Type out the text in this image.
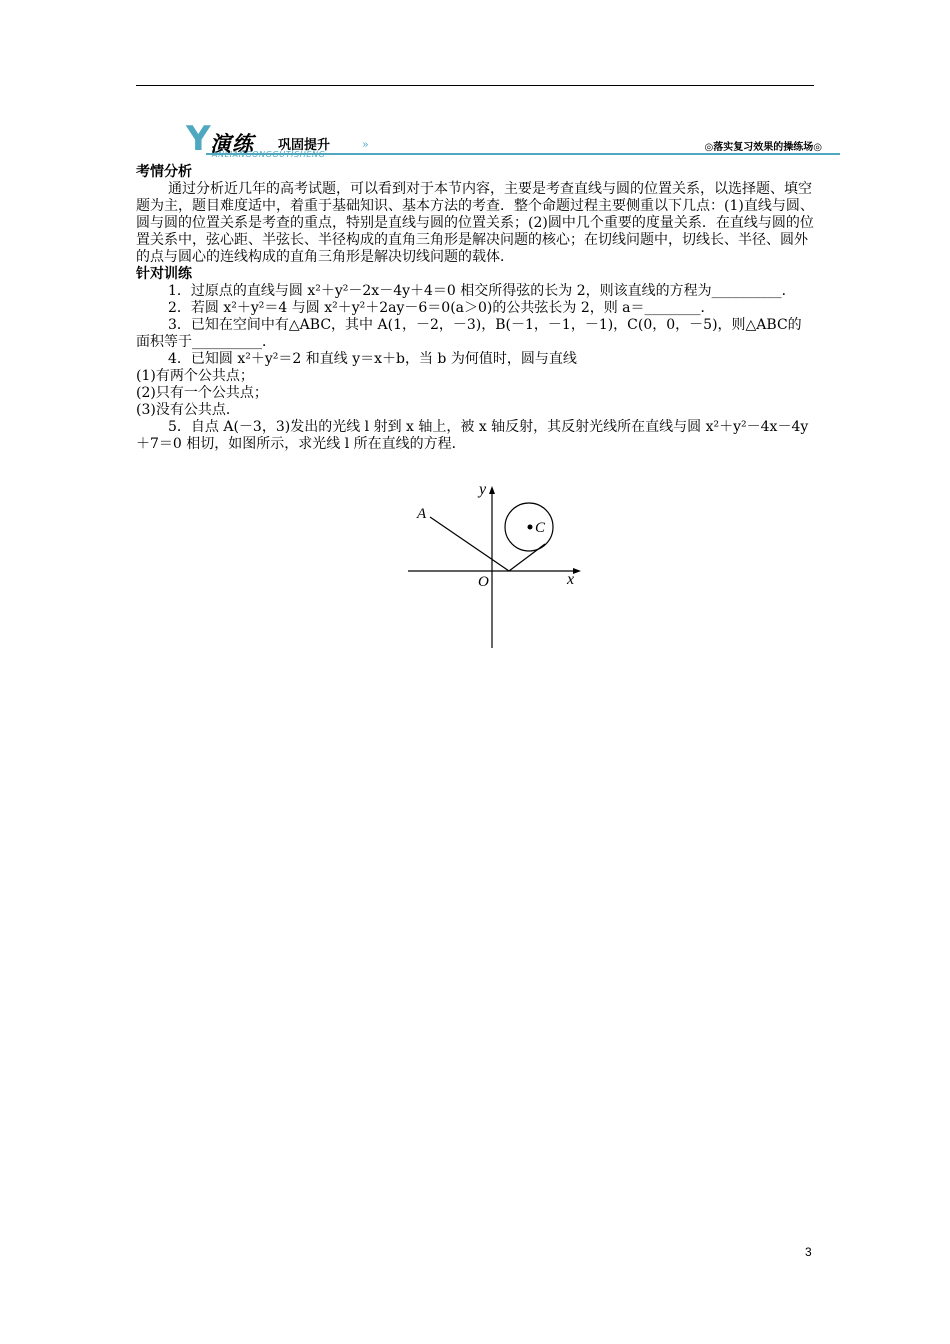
Y 演练 巩固提升
ANLIANGONGGUTISHENG
»	◎落实复习效果的操练场◎

考情分析

通过分析近几年的高考试题，可以看到对于本节内容，主要是考查直线与圆的位置关系，以选择题、填空题为主，题目难度适中，着重于基础知识、基本方法的考查．整个命题过程主要侧重以下几点：(1)直线与圆、圆与圆的位置关系是考查的重点，特别是直线与圆的位置关系；(2)圆中几个重要的度量关系．在直线与圆的位置关系中，弦心距、半弦长、半径构成的直角三角形是解决问题的核心；在切线问题中，切线长、半径、圆外的点与圆心的连线构成的直角三角形是解决切线问题的载体．

针对训练

1．过原点的直线与圆 x²＋y²－2x－4y＋4＝0 相交所得弦的长为 2，则该直线的方程为__________．

2．若圆 x²＋y²＝4 与圆 x²＋y²＋2ay－6＝0(a＞0)的公共弦长为 2，则 a＝________．

3．已知在空间中有△ABC，其中 A(1，－2，－3)，B(－1，－1，－1)，C(0，0，－5)，则△ABC的面积等于__________．

4．已知圆 x²＋y²＝2 和直线 y＝x＋b，当 b 为何值时，圆与直线

(1)有两个公共点；

(2)只有一个公共点；

(3)没有公共点．

5．自点 A(－3，3)发出的光线 l 射到 x 轴上，被 x 轴反射，其反射光线所在直线与圆 x²＋y²－4x－4y＋7＝0 相切，如图所示，求光线 l 所在直线的方程．

A
C
O	x
y
3
